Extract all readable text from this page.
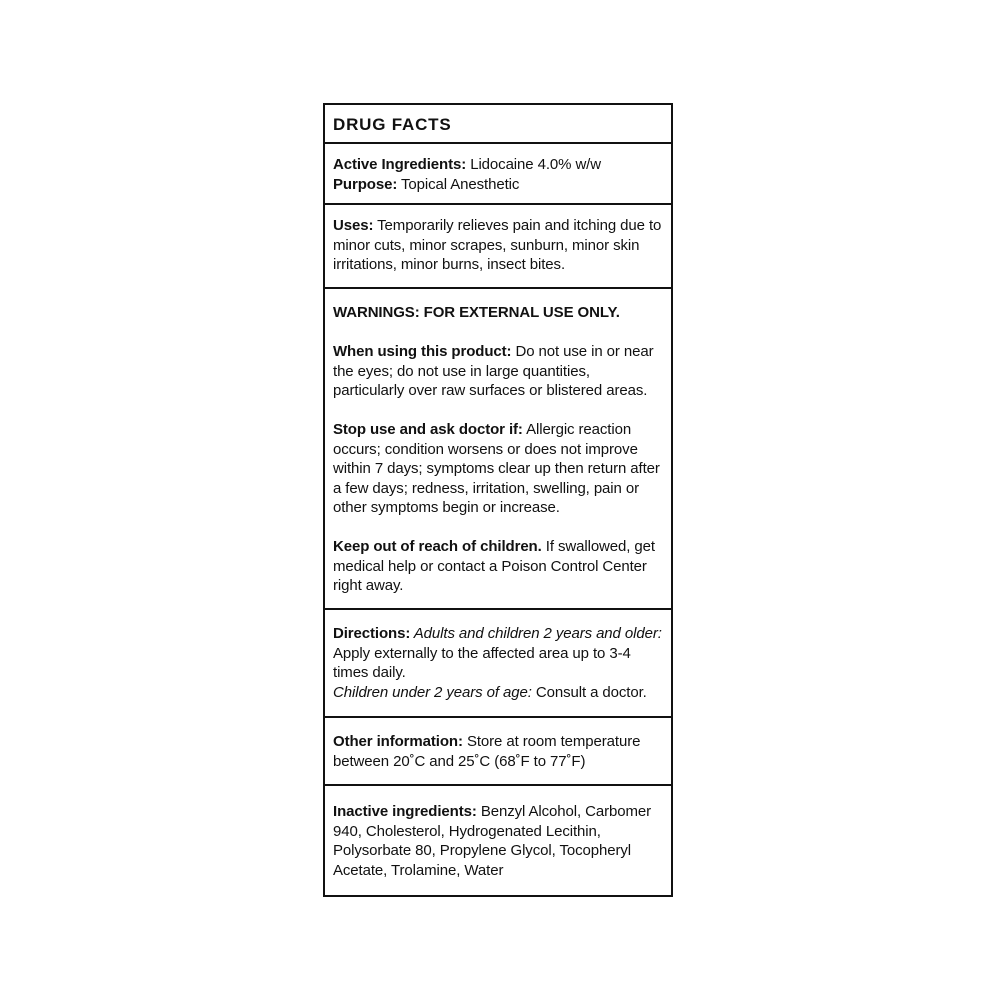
DRUG FACTS
Active Ingredients: Lidocaine 4.0% w/w
Purpose: Topical Anesthetic
Uses: Temporarily relieves pain and itching due to minor cuts, minor scrapes, sunburn, minor skin irritations, minor burns, insect bites.
WARNINGS: FOR EXTERNAL USE ONLY.
When using this product: Do not use in or near the eyes; do not use in large quantities, particularly over raw surfaces or blistered areas.
Stop use and ask doctor if: Allergic reaction occurs; condition worsens or does not improve within 7 days; symptoms clear up then return after a few days; redness, irritation, swelling, pain or other symptoms begin or increase.
Keep out of reach of children. If swallowed, get medical help or contact a Poison Control Center right away.
Directions: Adults and children 2 years and older: Apply externally to the affected area up to 3-4 times daily.
Children under 2 years of age: Consult a doctor.
Other information: Store at room temperature between 20˚C and 25˚C (68˚F to 77˚F)
Inactive ingredients: Benzyl Alcohol, Carbomer 940, Cholesterol, Hydrogenated Lecithin, Polysorbate 80, Propylene Glycol, Tocopheryl Acetate, Trolamine, Water
